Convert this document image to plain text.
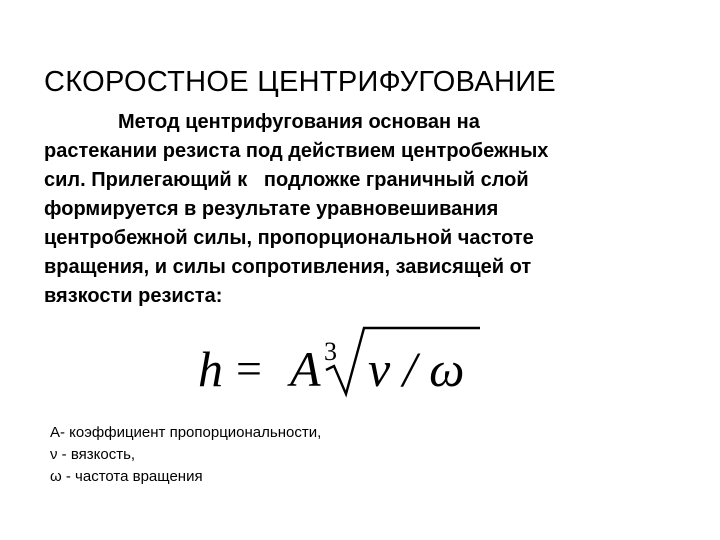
СКОРОСТНОЕ ЦЕНТРИФУГОВАНИЕ
Метод центрифугования основан на
растекании резиста под действием центробежных
сил. Прилегающий к   подложке граничный слой
формируется в результате уравновешивания
центробежной силы, пропорциональной частоте
вращения, и силы сопротивления, зависящей от
вязкости резиста:
h = A 3 ν / ω
A- коэффициент пропорциональности,
ν - вязкость,
ω - частота вращения
